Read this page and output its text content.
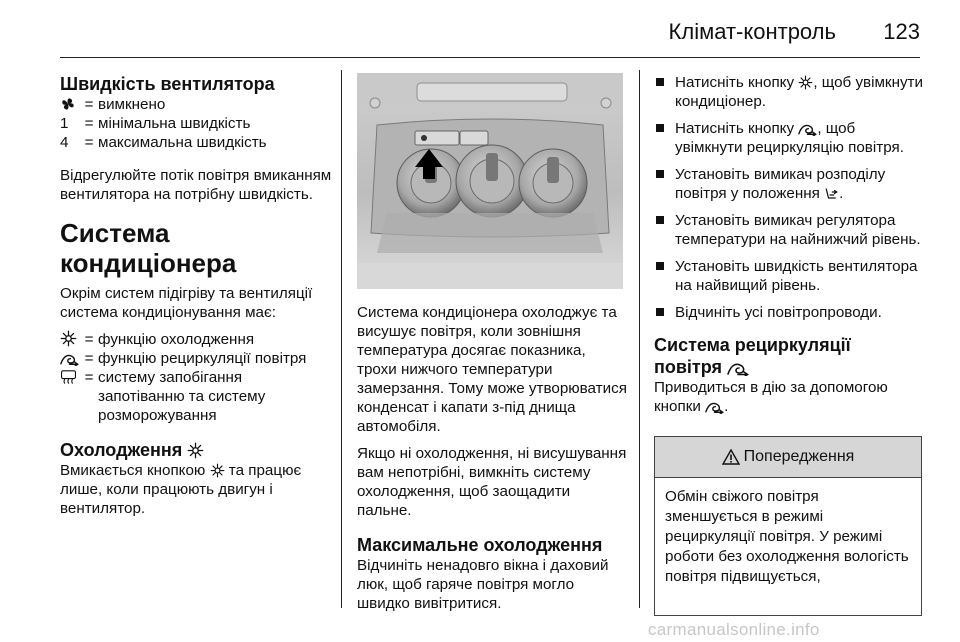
Клімат-контроль 123
Швидкість вентилятора
= вимкнено
1	= мінімальна швидкість
4	= максимальна швидкість

Відрегулюйте потік повітря вмиканням вентилятора на потрібну швидкість.

Система кондиціонера

Окрім систем підігріву та вентиляції система кондиціонування має:

= функцію охолодження
= функцію рециркуляції повітря
= систему запобігання запотіванню та систему розморожування
Охолодження

Вмикається кнопкою та працює лише, коли працюють двигун і вентилятор.

Система кондиціонера охолоджує та висушує повітря, коли зовнішня температура досягає показника, трохи нижчого температури замерзання. Тому може утворюватися конденсат і капати з-під днища автомобіля.

Якщо ні охолодження, ні висушування вам непотрібні, вимкніть систему охолодження, щоб заощадити пальне.

Максимальне охолодження

Відчиніть ненадовго вікна і даховий люк, щоб гаряче повітря могло швидко вивітритися.

Натисніть кнопку , щоб увімкнути кондиціонер.
Натисніть кнопку , щоб увімкнути рециркуляцію повітря.
Установіть вимикач розподілу повітря у положення .
Установіть вимикач регулятора температури на найнижчий рівень.
Установіть швидкість вентилятора на найвищий рівень.
Відчиніть усі повітропроводи.
Система рециркуляції
повітря

Приводиться в дію за допомогою кнопки .

Попередження
Обмін свіжого повітря зменшується в режимі рециркуляції повітря. У режимі роботи без охолодження вологість повітря підвищується,
carmanualsonline.info
